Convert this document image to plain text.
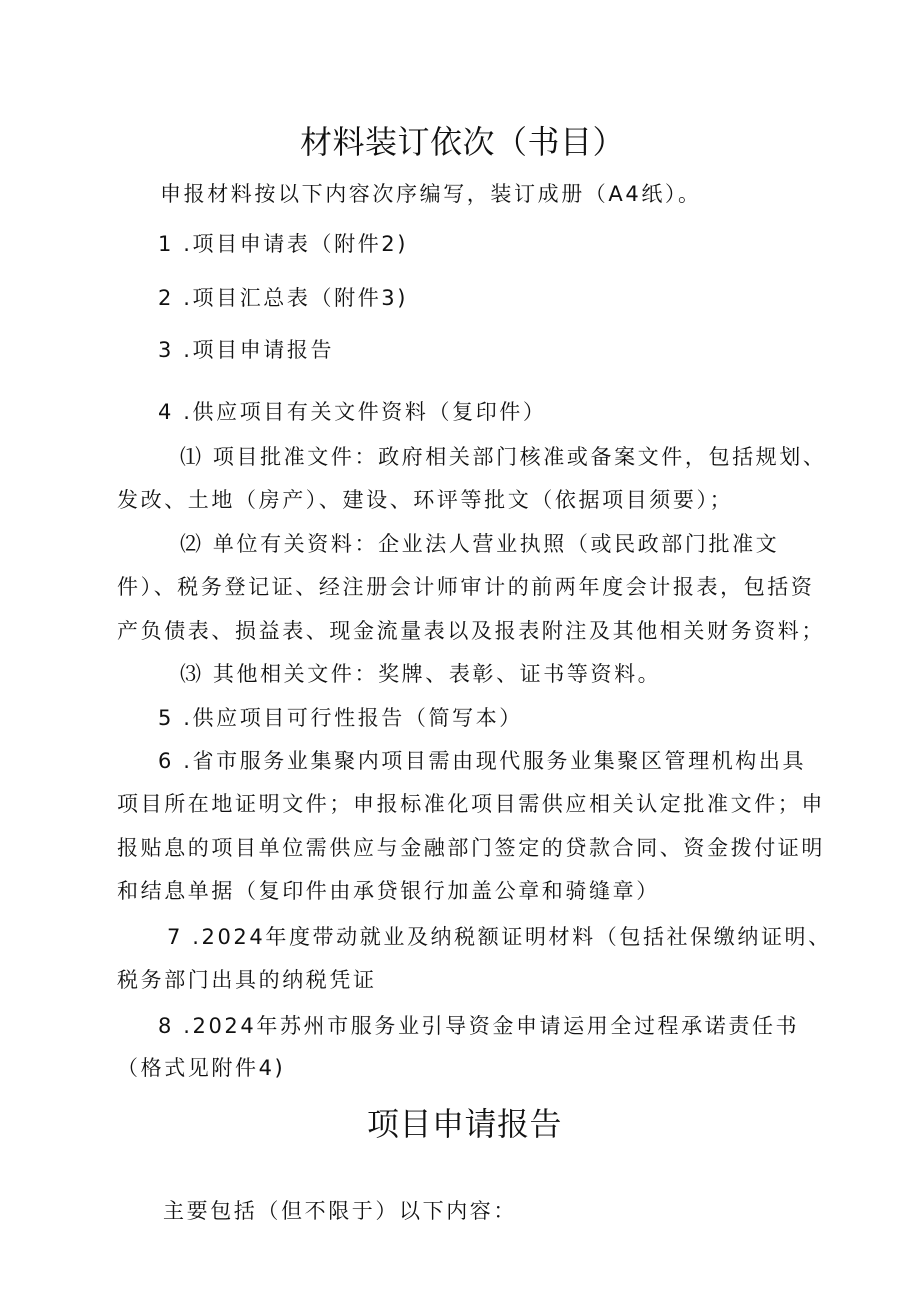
材料装订依次（书目）
申报材料按以下内容次序编写，装订成册（A4纸）。
1 .项目申请表（附件2)
2 .项目汇总表（附件3)
3 .项目申请报告
4 .供应项目有关文件资料（复印件）
⑴ 项目批准文件：政府相关部门核准或备案文件，包括规划、
发改、土地（房产）、建设、环评等批文（依据项目须要）；
⑵ 单位有关资料：企业法人营业执照（或民政部门批准文
件）、税务登记证、经注册会计师审计的前两年度会计报表，包括资
产负债表、损益表、现金流量表以及报表附注及其他相关财务资料；
⑶ 其他相关文件：奖牌、表彰、证书等资料。
5 .供应项目可行性报告（简写本）
6 .省市服务业集聚内项目需由现代服务业集聚区管理机构出具
项目所在地证明文件；申报标准化项目需供应相关认定批准文件；申
报贴息的项目单位需供应与金融部门签定的贷款合同、资金拨付证明
和结息单据（复印件由承贷银行加盖公章和骑缝章）
7 .2024年度带动就业及纳税额证明材料（包括社保缴纳证明、
税务部门出具的纳税凭证
8 .2024年苏州市服务业引导资金申请运用全过程承诺责任书
（格式见附件4)
项目申请报告
主要包括（但不限于）以下内容：
